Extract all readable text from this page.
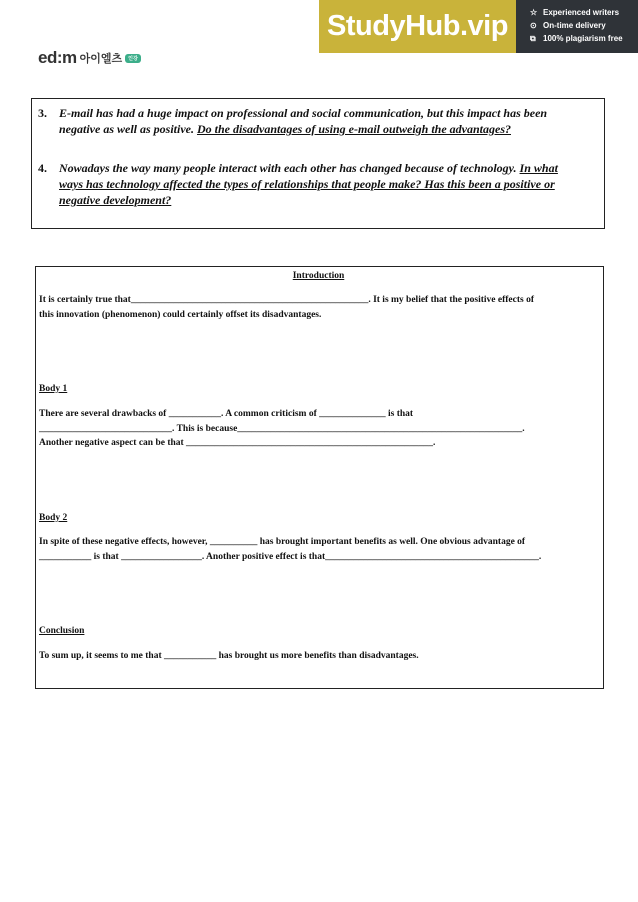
StudyHub.vip	☆ Experienced writers
⊙ On-time delivery
⧉ 100% plagiarism free
ed:m 아이엘츠	인강
3.	E-mail has had a huge impact on professional and social communication, but this impact has been
negative as well as positive. Do the disadvantages of using e-mail outweigh the advantages?
4.	Nowadays the way many people interact with each other has changed because of technology. In what
ways has technology affected the types of relationships that people make? Has this been a positive or
negative development?
Introduction
It is certainly true that__________________________________________________. It is my belief that the positive effects of
this innovation (phenomenon) could certainly offset its disadvantages.
Body 1
There are several drawbacks of ___________. A common criticism of ______________ is that
____________________________. This is because____________________________________________________________.
Another negative aspect can be that ____________________________________________________.
Body 2
In spite of these negative effects, however, __________ has brought important benefits as well. One obvious advantage of
___________ is that _________________. Another positive effect is that_____________________________________________.
Conclusion
To sum up, it seems to me that ___________ has brought us more benefits than disadvantages.
